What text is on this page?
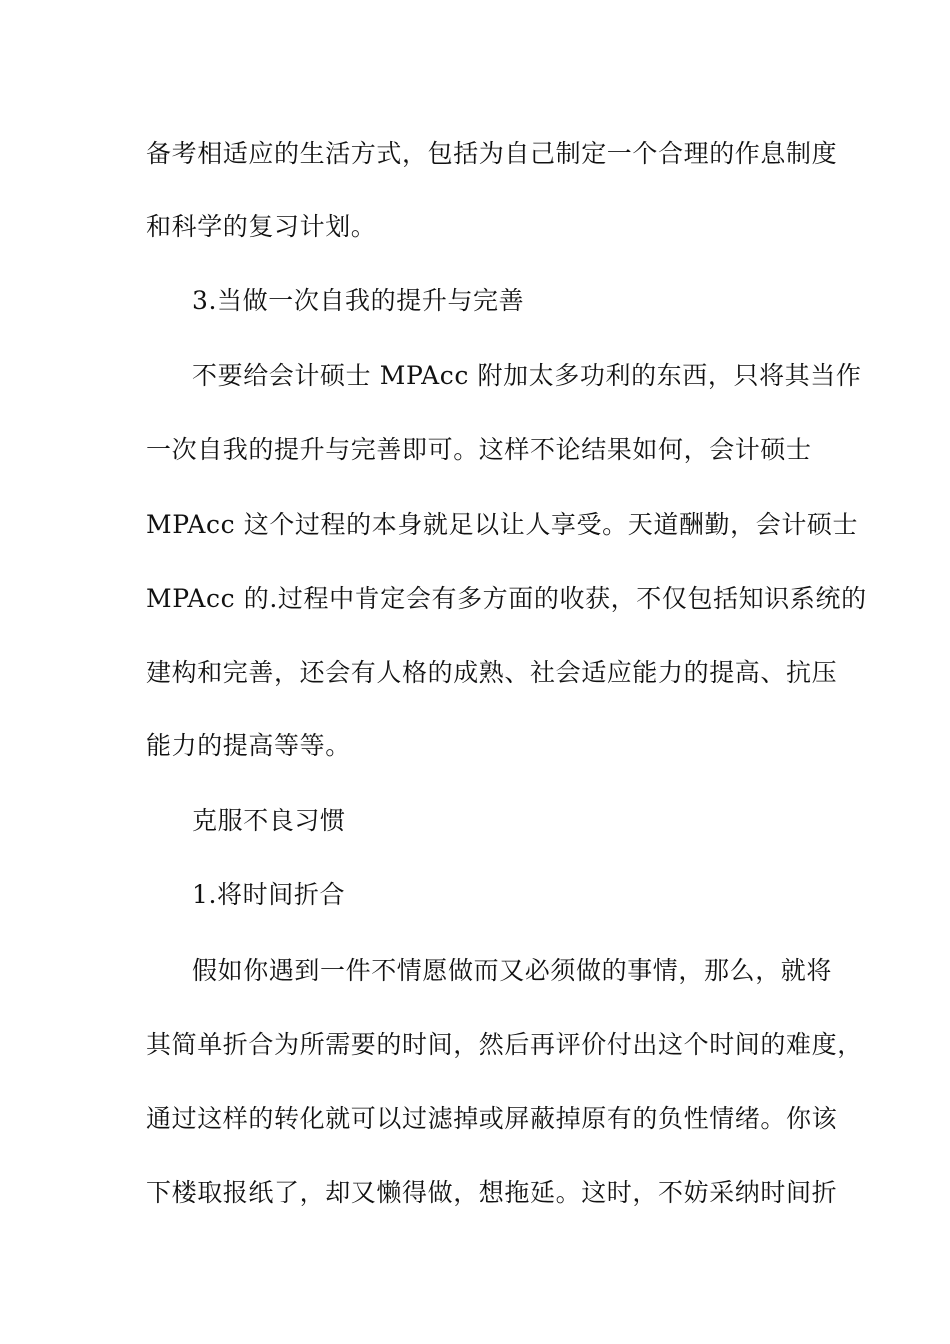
备考相适应的生活方式，包括为自己制定一个合理的作息制度
和科学的复习计划。
3.当做一次自我的提升与完善
不要给会计硕士 MPAcc 附加太多功利的东西，只将其当作
一次自我的提升与完善即可。这样不论结果如何，会计硕士
MPAcc 这个过程的本身就足以让人享受。天道酬勤，会计硕士
MPAcc 的.过程中肯定会有多方面的收获，不仅包括知识系统的
建构和完善，还会有人格的成熟、社会适应能力的提高、抗压
能力的提高等等。
克服不良习惯
1.将时间折合
假如你遇到一件不情愿做而又必须做的事情，那么，就将
其简单折合为所需要的时间，然后再评价付出这个时间的难度，
通过这样的转化就可以过滤掉或屏蔽掉原有的负性情绪。你该
下楼取报纸了，却又懒得做，想拖延。这时，不妨采纳时间折
